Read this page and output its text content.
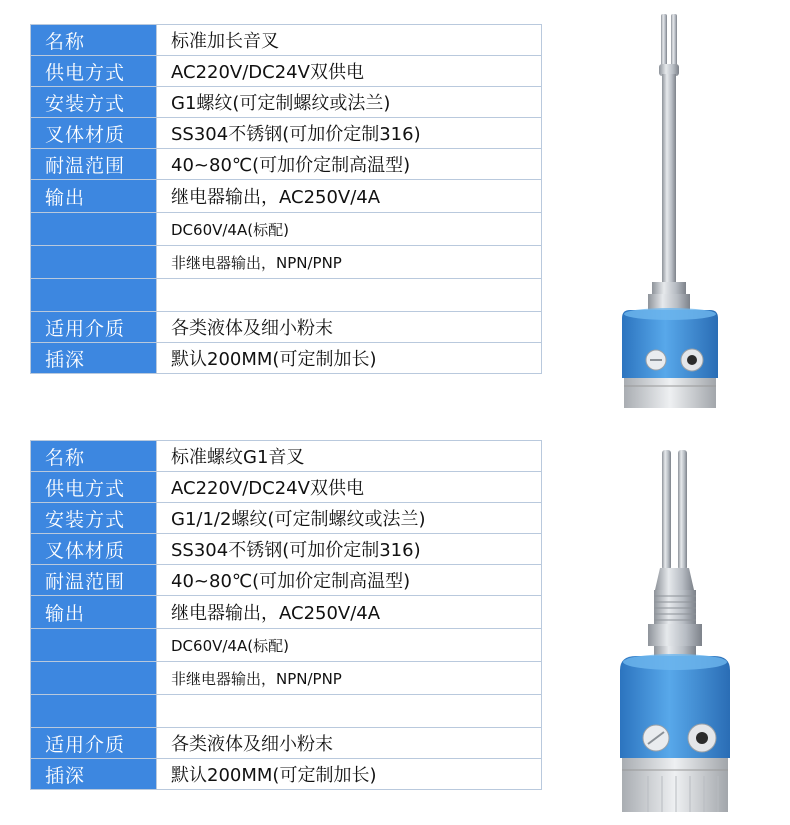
名称	标准加长音叉
供电方式	AC220V/DC24V双供电
安装方式	G1螺纹(可定制螺纹或法兰)
叉体材质	SS304不锈钢(可加价定制316)
耐温范围	40~80℃(可加价定制高温型)
输出	继电器输出，AC250V/4A
	DC60V/4A(标配)
	非继电器输出，NPN/PNP

适用介质	各类液体及细小粉末
插深	默认200MM(可定制加长)
名称	标准螺纹G1音叉
供电方式	AC220V/DC24V双供电
安装方式	G1/1/2螺纹(可定制螺纹或法兰)
叉体材质	SS304不锈钢(可加价定制316)
耐温范围	40~80℃(可加价定制高温型)
输出	继电器输出，AC250V/4A
	DC60V/4A(标配)
	非继电器输出，NPN/PNP

适用介质	各类液体及细小粉末
插深	默认200MM(可定制加长)
